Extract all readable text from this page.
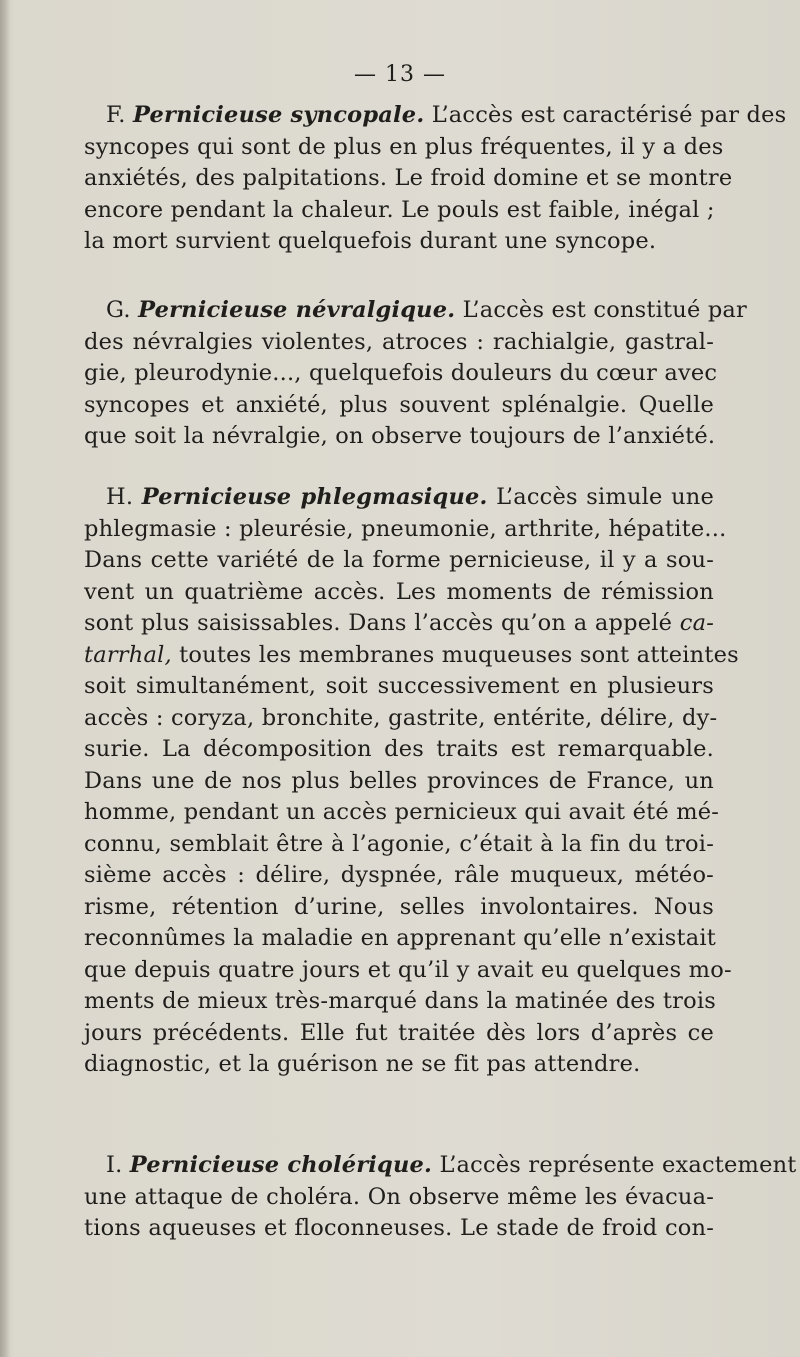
— 13 —
F. Pernicieuse syncopale. L’accès est caractérisé par des
syncopes qui sont de plus en plus fréquentes, il y a des
anxiétés, des palpitations. Le froid domine et se montre
encore pendant la chaleur. Le pouls est faible, inégal ;
la mort survient quelquefois durant une syncope.
G. Pernicieuse névralgique. L’accès est constitué par
des névralgies violentes, atroces : rachialgie, gastral-
gie, pleurodynie..., quelquefois douleurs du cœur avec
syncopes et anxiété, plus souvent splénalgie. Quelle
que soit la névralgie, on observe toujours de l’anxiété.
H. Pernicieuse phlegmasique. L’accès simule une
phlegmasie : pleurésie, pneumonie, arthrite, hépatite...
Dans cette variété de la forme pernicieuse, il y a sou-
vent un quatrième accès. Les moments de rémission
sont plus saisissables. Dans l’accès qu’on a appelé ca-
tarrhal, toutes les membranes muqueuses sont atteintes
soit simultanément, soit successivement en plusieurs
accès : coryza, bronchite, gastrite, entérite, délire, dy-
surie. La décomposition des traits est remarquable.
Dans une de nos plus belles provinces de France, un
homme, pendant un accès pernicieux qui avait été mé-
connu, semblait être à l’agonie, c’était à la fin du troi-
sième accès : délire, dyspnée, râle muqueux, météo-
risme, rétention d’urine, selles involontaires. Nous
reconnûmes la maladie en apprenant qu’elle n’existait
que depuis quatre jours et qu’il y avait eu quelques mo-
ments de mieux très-marqué dans la matinée des trois
jours précédents. Elle fut traitée dès lors d’après ce
diagnostic, et la guérison ne se fit pas attendre.
I. Pernicieuse cholérique. L’accès représente exactement
une attaque de choléra. On observe même les évacua-
tions aqueuses et floconneuses. Le stade de froid con-
